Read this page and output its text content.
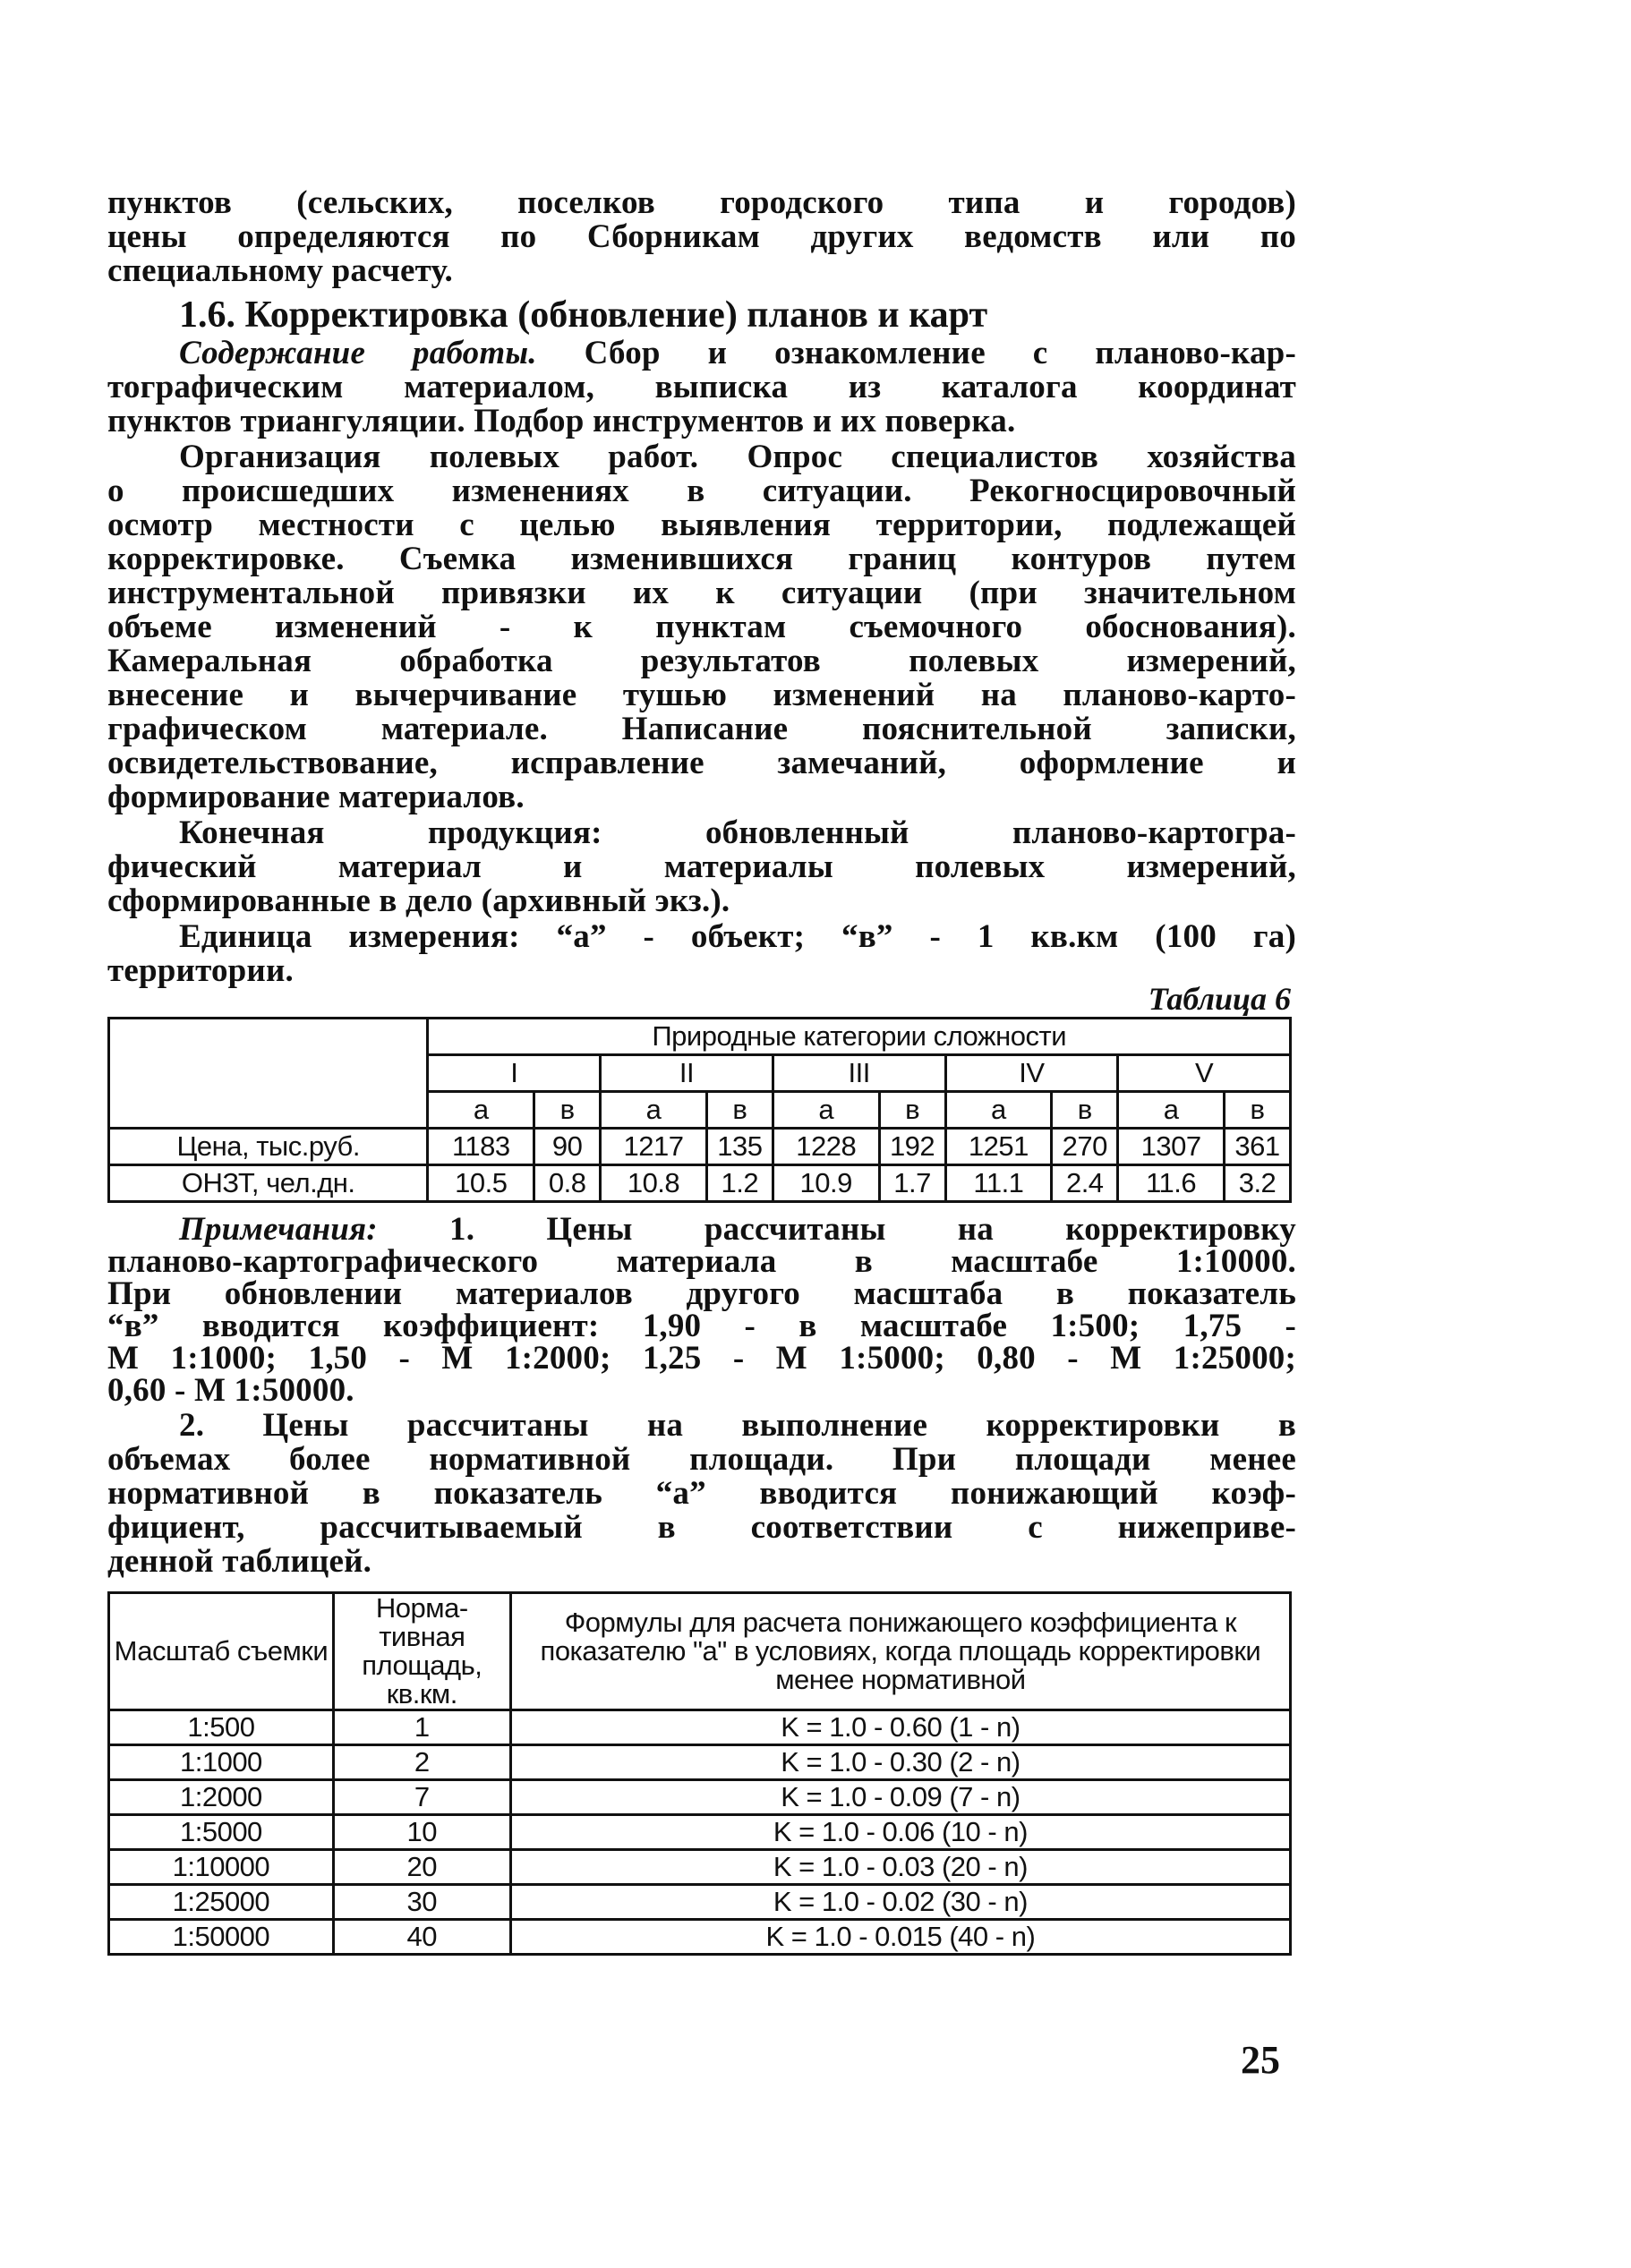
пунктов (сельских, поселков городского типа и городов)
цены определяются по Сборникам других ведомств или по
специальному расчету.
1.6. Корректировка (обновление) планов и карт
Содержание работы. Сбор и ознакомление с планово-кар-
тографическим материалом, выписка из каталога координат
пунктов триангуляции. Подбор инструментов и их поверка.
Организация полевых работ. Опрос специалистов хозяйства
о происшедших изменениях в ситуации. Рекогносцировочный
осмотр местности с целью выявления территории, подлежащей
корректировке. Съемка изменившихся границ контуров путем
инструментальной привязки их к ситуации (при значительном
объеме изменений - к пунктам съемочного обоснования).
Камеральная обработка результатов полевых измерений,
внесение и вычерчивание тушью изменений на планово-карто-
графическом материале. Написание пояснительной записки,
освидетельствование, исправление замечаний, оформление и
формирование материалов.
Конечная продукция: обновленный планово-картогра-
фический материал и материалы полевых измерений,
сформированные в дело (архивный экз.).
Единица измерения: “а” - объект; “в” - 1 кв.км (100 га)
территории.
Таблица 6
	Природные категории сложности									
	I		II		III		IV		V	
	а	в	а	в	а	в	а	в	а	в
Цена, тыс.руб.	1183	90	1217	135	1228	192	1251	270	1307	361
ОНЗТ, чел.дн.	10.5	0.8	10.8	1.2	10.9	1.7	11.1	2.4	11.6	3.2
Примечания: 1. Цены рассчитаны на корректировку
планово-картографического материала в масштабе 1:10000.
При обновлении материалов другого масштаба в показатель
“в” вводится коэффициент: 1,90 - в масштабе 1:500; 1,75 -
М 1:1000; 1,50 - М 1:2000; 1,25 - М 1:5000; 0,80 - М 1:25000;
0,60 - М 1:50000.
2. Цены рассчитаны на выполнение корректировки в
объемах более нормативной площади. При площади менее
нормативной в показатель “а” вводится понижающий коэф-
фициент, рассчитываемый в соответствии с нижеприве-
денной таблицей.
Масштаб съемки	Норма- тивная площадь, кв.км.	Формулы для расчета понижающего коэффициента к показателю "а" в условиях, когда площадь корректировки менее нормативной
1:500	1	K = 1.0 - 0.60 (1 - n)
1:1000	2	K = 1.0 - 0.30 (2 - n)
1:2000	7	K = 1.0 - 0.09 (7 - n)
1:5000	10	K = 1.0 - 0.06 (10 - n)
1:10000	20	K = 1.0 - 0.03 (20 - n)
1:25000	30	K = 1.0 - 0.02 (30 - n)
1:50000	40	K = 1.0 - 0.015 (40 - n)
25
